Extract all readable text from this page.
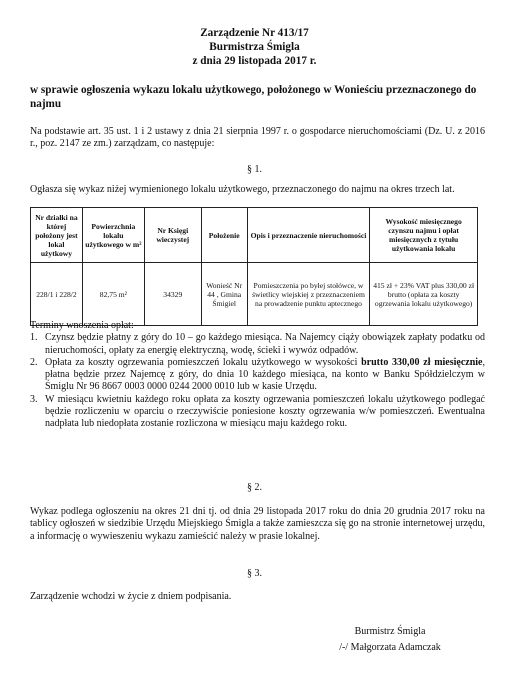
Zarządzenie Nr 413/17
Burmistrza Śmigla
z dnia 29 listopada 2017 r.
w sprawie ogłoszenia wykazu lokalu użytkowego, położonego w Wonieściu przeznaczonego do najmu
Na podstawie art. 35 ust. 1 i 2 ustawy z dnia 21 sierpnia 1997 r. o gospodarce nieruchomościami (Dz. U. z 2016 r., poz. 2147 ze zm.) zarządzam, co następuje:
§ 1.
Ogłasza się wykaz niżej wymienionego lokalu użytkowego, przeznaczonego do najmu na okres trzech lat.
Nr działki na której położony jest lokal użytkowy	Powierzchnia lokalu użytkowego w m²	Nr Księgi wieczystej	Położenie	Opis i przeznaczenie nieruchomości	Wysokość miesięcznego czynszu najmu i opłat miesięcznych z tytułu użytkowania lokalu
228/1 i 228/2	82,75 m²	34329	Wonieść Nr 44 , Gmina Śmigiel	Pomieszczenia po byłej stołówce, w świetlicy wiejskiej z przeznaczeniem na prowadzenie punktu aptecznego	415 zł + 23% VAT plus 330,00 zł brutto (opłata za koszty ogrzewania lokalu użytkowego)
Terminy wnoszenia opłat:
1. Czynsz będzie płatny z góry do 10 – go każdego miesiąca. Na Najemcy ciąży obowiązek zapłaty podatku od nieruchomości, opłaty za energię elektryczną, wodę, ścieki i wywóz odpadów.
2. Opłata za koszty ogrzewania pomieszczeń lokalu użytkowego w wysokości brutto 330,00 zł miesięcznie, płatna będzie przez Najemcę z góry, do dnia 10 każdego miesiąca, na konto w Banku Spółdzielczym w Śmiglu Nr 96 8667 0003 0000 0244 2000 0010 lub w kasie Urzędu.
3. W miesiącu kwietniu każdego roku opłata za koszty ogrzewania pomieszczeń lokalu użytkowego podlegać będzie rozliczeniu w oparciu o rzeczywiście poniesione koszty ogrzewania w/w pomieszczeń. Ewentualna nadpłata lub niedopłata zostanie rozliczona w miesiącu maju każdego roku.
§ 2.
Wykaz podlega ogłoszeniu na okres 21 dni tj. od dnia 29 listopada 2017 roku do dnia 20 grudnia 2017 roku na tablicy ogłoszeń w siedzibie Urzędu Miejskiego Śmigla a także zamieszcza się go na stronie internetowej urzędu, a informację o wywieszeniu wykazu zamieścić należy w prasie lokalnej.
§ 3.
Zarządzenie wchodzi w życie z dniem podpisania.
Burmistrz Śmigla
/-/ Małgorzata Adamczak
